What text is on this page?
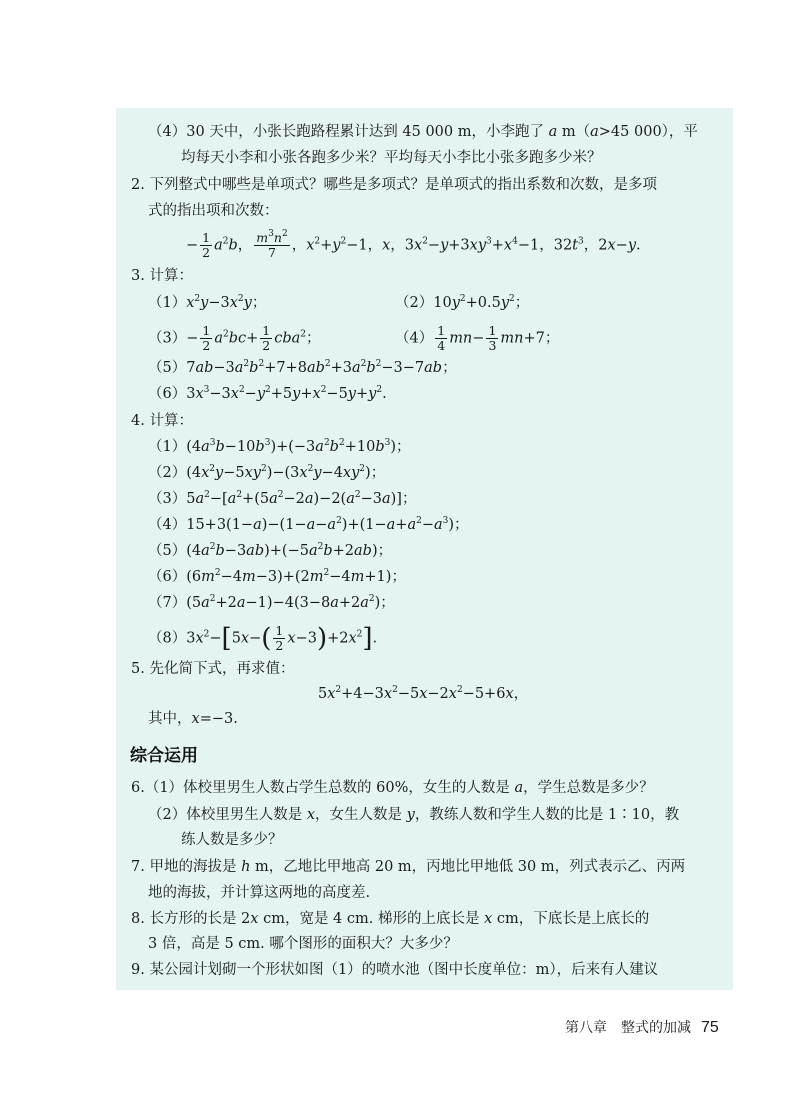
（4）30 天中，小张长跑路程累计达到 45 000 m，小李跑了 a m（a>45 000），平
均每天小李和小张各跑多少米？平均每天小李比小张多跑多少米？
2. 下列整式中哪些是单项式？哪些是多项式？是单项式的指出系数和次数，是多项
式的指出项和次数：
− $\frac{1}{2} a^2b$， $\frac{m^3n^2}{7}$ ，$x^2+y^2-1$，x，$3x^2-y+3xy^3+x^4-1$，$32t^3$，2x−y.
3. 计算：
$(1)x^2y-3x^2y$；	$(2)10y^2+0.5y^2$；
$(3)- \frac{1}{2} a^2bc+ \frac{1}{2} cba^2$；	$(4) \frac{1}{4} mn- \frac{1}{3} mn+7$；
$(5)7ab-3a^2b^2+7+8ab^2+3a^2b^2-3-7ab$；
$(6)3x^3-3x^2-y^2+5y+x^2-5y+y^2$.
4. 计算：
$(1)(4a^3b-10b^3)+(-3a^2b^2+10b^3)$；
$(2)(4x^2y-5xy^2)-(3x^2y-4xy^2)$；
$(3)5a^2-[a^2+(5a^2-2a)-2(a^2-3a)]$；
$(4)15+3(1-a)-(1-a-a^2)+(1-a+a^2-a^3)$；
$(5)(4a^2b-3ab)+(-5a^2b+2ab)$；
$(6)(6m^2-4m-3)+(2m^2-4m+1)$；
$(7)(5a^2+2a-1)-4(3-8a+2a^2)$；
$(8)3x^2-[5x-( \frac{1}{2} x-3)+2x^2]$.
5. 先化简下式，再求值：
$5x^2+4-3x^2-5x-2x^2-5+6x$，
其中，x=−3.
综合运用
6.（1）体校里男生人数占学生总数的 60%，女生的人数是 a，学生总数是多少？
（2）体校里男生人数是 x，女生人数是 y，教练人数和学生人数的比是 1∶10，教
练人数是多少？
7. 甲地的海拔是 h m，乙地比甲地高 20 m，丙地比甲地低 30 m，列式表示乙、丙两
地的海拔，并计算这两地的高度差.
8. 长方形的长是 2x cm，宽是 4 cm. 梯形的上底长是 x cm，下底长是上底长的
3 倍，高是 5 cm. 哪个图形的面积大？大多少？
9. 某公园计划砌一个形状如图（1）的喷水池（图中长度单位：m），后来有人建议
第八章　整式的加减 75
